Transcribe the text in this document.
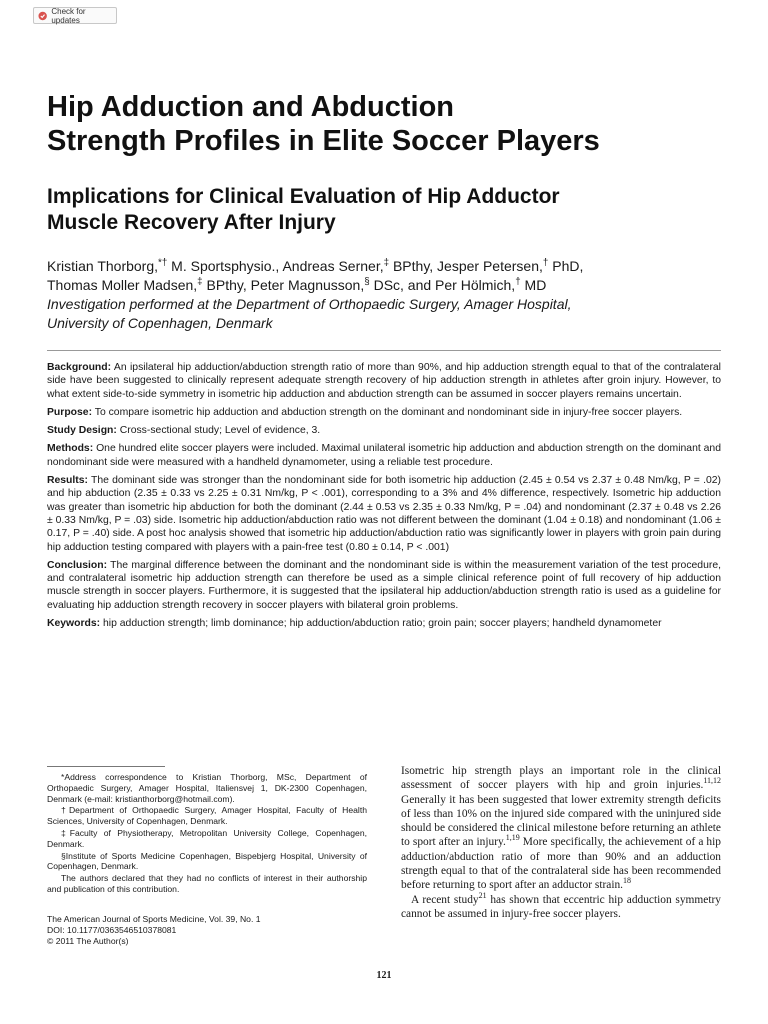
Check for updates
Hip Adduction and Abduction
Strength Profiles in Elite Soccer Players
Implications for Clinical Evaluation of Hip Adductor
Muscle Recovery After Injury
Kristian Thorborg,*† M. Sportsphysio., Andreas Serner,‡ BPthy, Jesper Petersen,† PhD,
Thomas Moller Madsen,‡ BPthy, Peter Magnusson,§ DSc, and Per Hölmich,† MD
Investigation performed at the Department of Orthopaedic Surgery, Amager Hospital,
University of Copenhagen, Denmark

Background: An ipsilateral hip adduction/abduction strength ratio of more than 90%, and hip adduction strength equal to that of the contralateral side have been suggested to clinically represent adequate strength recovery of hip adduction strength in athletes after groin injury. However, to what extent side-to-side symmetry in isometric hip adduction and abduction strength can be assumed in soccer players remains uncertain.

Purpose: To compare isometric hip adduction and abduction strength on the dominant and nondominant side in injury-free soccer players.

Study Design: Cross-sectional study; Level of evidence, 3.

Methods: One hundred elite soccer players were included. Maximal unilateral isometric hip adduction and abduction strength on the dominant and nondominant side were measured with a handheld dynamometer, using a reliable test procedure.

Results: The dominant side was stronger than the nondominant side for both isometric hip adduction (2.45 ± 0.54 vs 2.37 ± 0.48 Nm/kg, P = .02) and hip abduction (2.35 ± 0.33 vs 2.25 ± 0.31 Nm/kg, P < .001), corresponding to a 3% and 4% difference, respectively. Isometric hip adduction was greater than isometric hip abduction for both the dominant (2.44 ± 0.53 vs 2.35 ± 0.33 Nm/kg, P = .04) and nondominant (2.37 ± 0.48 vs 2.26 ± 0.33 Nm/kg, P = .03) side. Isometric hip adduction/abduction ratio was not different between the dominant (1.04 ± 0.18) and nondominant (1.06 ± 0.17, P = .40) side. A post hoc analysis showed that isometric hip adduction/abduction ratio was significantly lower in players with groin pain during hip adduction testing compared with players with a pain-free test (0.80 ± 0.14, P < .001)

Conclusion: The marginal difference between the dominant and the nondominant side is within the measurement variation of the test procedure, and contralateral isometric hip adduction strength can therefore be used as a simple clinical reference point of full recovery of hip adduction muscle strength in soccer players. Furthermore, it is suggested that the ipsilateral hip adduction/abduction strength ratio is used as a guideline for evaluating hip adduction strength recovery in soccer players with bilateral groin problems.

Keywords: hip adduction strength; limb dominance; hip adduction/abduction ratio; groin pain; soccer players; handheld dynamometer

*Address correspondence to Kristian Thorborg, MSc, Department of Orthopaedic Surgery, Amager Hospital, Italiensvej 1, DK-2300 Copenhagen, Denmark (e-mail: kristianthorborg@hotmail.com).

†Department of Orthopaedic Surgery, Amager Hospital, Faculty of Health Sciences, University of Copenhagen, Denmark.

‡Faculty of Physiotherapy, Metropolitan University College, Copenhagen, Denmark.

§Institute of Sports Medicine Copenhagen, Bispebjerg Hospital, University of Copenhagen, Denmark.

The authors declared that they had no conflicts of interest in their authorship and publication of this contribution.

The American Journal of Sports Medicine, Vol. 39, No. 1
DOI: 10.1177/0363546510378081
© 2011 The Author(s)

Isometric hip strength plays an important role in the clinical assessment of soccer players with hip and groin injuries.$^{11,12}$ Generally it has been suggested that lower extremity strength deficits of less than 10% on the injured side compared with the uninjured side should be considered the clinical milestone before returning an athlete to sport after an injury.$^{1,19}$ More specifically, the achievement of a hip adduction/abduction ratio of more than 90% and an adduction strength equal to that of the contralateral side has been recommended before returning to sport after an adductor strain.$^{18}$

A recent study$^{21}$ has shown that eccentric hip adduction symmetry cannot be assumed in injury-free soccer players.

121
